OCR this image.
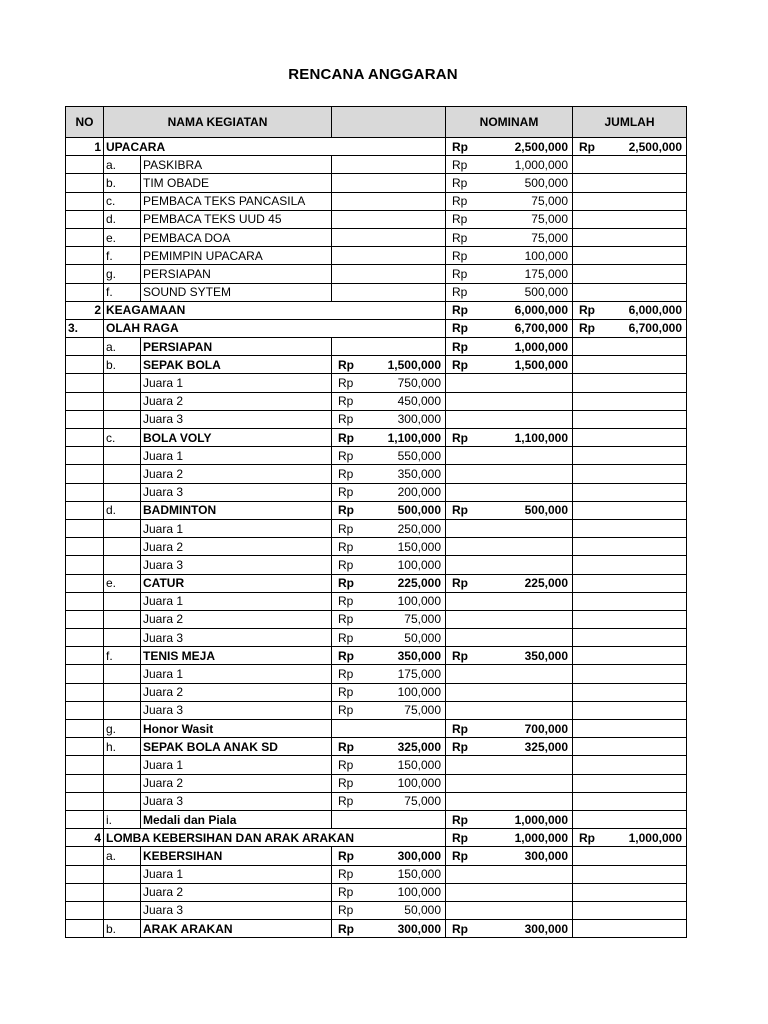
RENCANA ANGGARAN
NO	NAMA KEGIATAN			NOMINAM	JUMLAH
1	UPACARA			Rp 2,500,000	Rp 2,500,000

	a.	PASKIBRA		Rp 1,000,000	

	b.	TIM OBADE		Rp 500,000	

	c.	PEMBACA TEKS PANCASILA		Rp 75,000	

	d.	PEMBACA TEKS UUD 45		Rp 75,000	

	e.	PEMBACA DOA		Rp 75,000	

	f.	PEMIMPIN UPACARA		Rp 100,000	

	g.	PERSIAPAN		Rp 175,000	

	f.	SOUND SYTEM		Rp 500,000	

2	KEAGAMAAN			Rp 6,000,000	Rp 6,000,000

3.	OLAH RAGA			Rp 6,700,000	Rp 6,700,000

	a.	PERSIAPAN		Rp 1,000,000	

	b.	SEPAK BOLA	Rp 1,500,000	Rp 1,500,000	

		Juara 1	Rp 750,000		

		Juara 2	Rp 450,000		

		Juara 3	Rp 300,000		

	c.	BOLA VOLY	Rp 1,100,000	Rp 1,100,000	

		Juara 1	Rp 550,000		

		Juara 2	Rp 350,000		

		Juara 3	Rp 200,000		

	d.	BADMINTON	Rp 500,000	Rp 500,000	

		Juara 1	Rp 250,000		

		Juara 2	Rp 150,000		

		Juara 3	Rp 100,000		

	e.	CATUR	Rp 225,000	Rp 225,000	

		Juara 1	Rp 100,000		

		Juara 2	Rp 75,000		

		Juara 3	Rp 50,000		

	f.	TENIS MEJA	Rp 350,000	Rp 350,000	

		Juara 1	Rp 175,000		

		Juara 2	Rp 100,000		

		Juara 3	Rp 75,000		

	g.	Honor Wasit		Rp 700,000	

	h.	SEPAK BOLA ANAK SD	Rp 325,000	Rp 325,000	

		Juara 1	Rp 150,000		

		Juara 2	Rp 100,000		

		Juara 3	Rp 75,000		

	i.	Medali dan Piala		Rp 1,000,000	

4	LOMBA KEBERSIHAN DAN ARAK ARAKAN			Rp 1,000,000	Rp 1,000,000

	a.	KEBERSIHAN	Rp 300,000	Rp 300,000	

		Juara 1	Rp 150,000		

		Juara 2	Rp 100,000		

		Juara 3	Rp 50,000		

	b.	ARAK ARAKAN	Rp 300,000	Rp 300,000	
